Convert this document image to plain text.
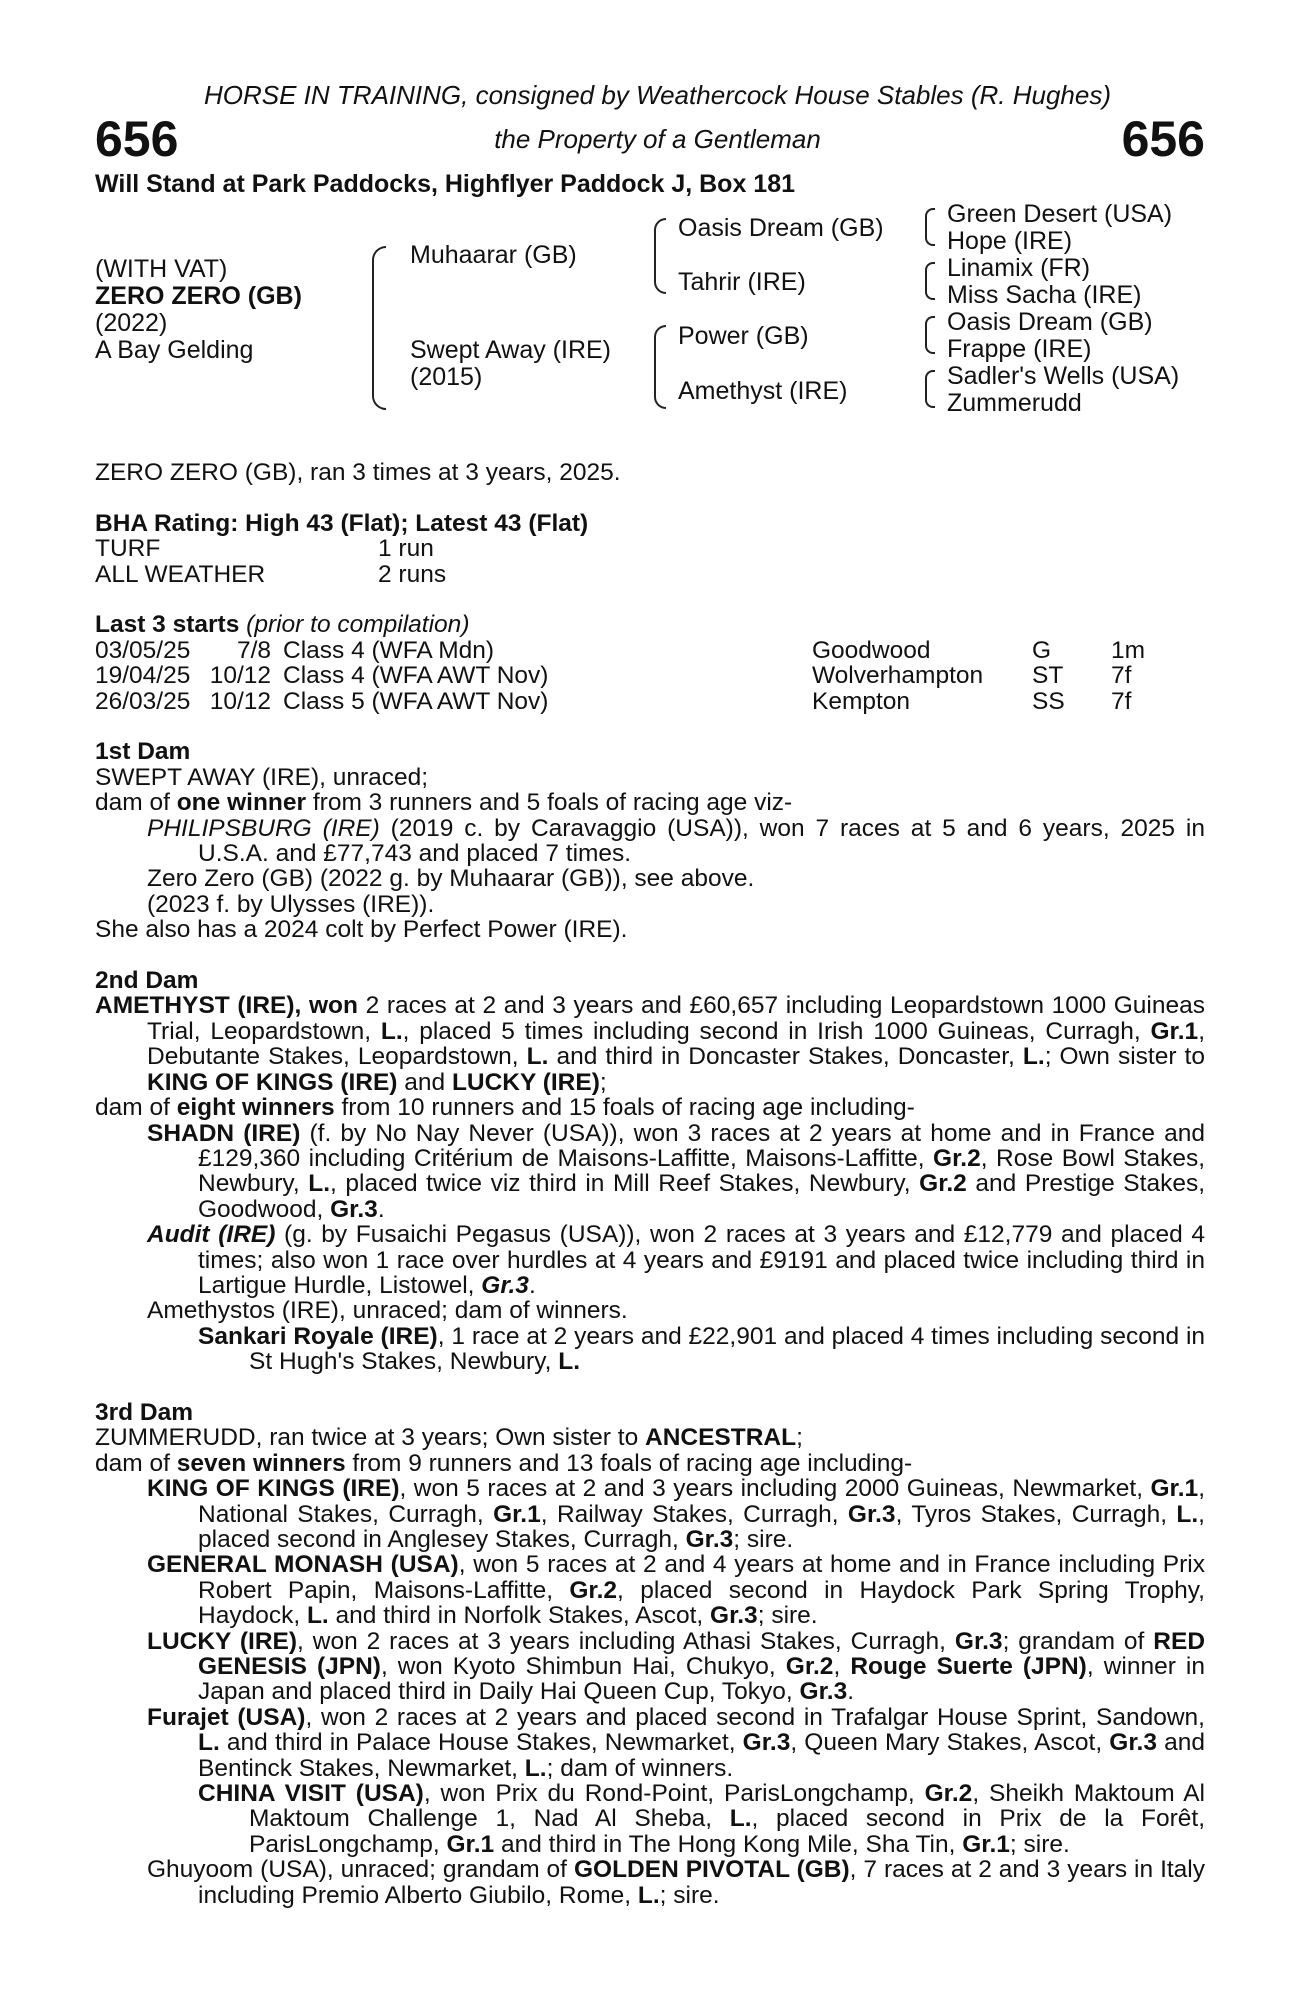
HORSE IN TRAINING, consigned by Weathercock House Stables (R. Hughes)
the Property of a Gentleman
656	656
Will Stand at Park Paddocks, Highflyer Paddock J, Box 181
(WITH VAT)
ZERO ZERO (GB)
(2022)
A Bay Gelding
Muhaarar (GB)
Swept Away (IRE)
(2015)
Oasis Dream (GB)
Tahrir (IRE)
Power (GB)
Amethyst (IRE)
Green Desert (USA)
Hope (IRE)
Linamix (FR)
Miss Sacha (IRE)
Oasis Dream (GB)
Frappe (IRE)
Sadler's Wells (USA)
Zummerudd

ZERO ZERO (GB), ran 3 times at 3 years, 2025.

BHA Rating: High 43 (Flat); Latest 43 (Flat)

TURF	1 run
ALL WEATHER	2 runs

Last 3 starts (prior to compilation)

03/05/25	7/8 Class 4 (WFA Mdn)	Goodwood	G	1m
19/04/25 10/12 Class 4 (WFA AWT Nov)	Wolverhampton	ST	7f
26/03/25 10/12 Class 5 (WFA AWT Nov)	Kempton	SS	7f

1st Dam

SWEPT AWAY (IRE), unraced;

dam of one winner from 3 runners and 5 foals of racing age viz-

PHILIPSBURG (IRE) (2019 c. by Caravaggio (USA)), won 7 races at 5 and 6 years, 2025 in U.S.A. and £77,743 and placed 7 times.

Zero Zero (GB) (2022 g. by Muhaarar (GB)), see above.

(2023 f. by Ulysses (IRE)).

She also has a 2024 colt by Perfect Power (IRE).

2nd Dam

AMETHYST (IRE), won 2 races at 2 and 3 years and £60,657 including Leopardstown 1000 Guineas Trial, Leopardstown, L., placed 5 times including second in Irish 1000 Guineas, Curragh, Gr.1, Debutante Stakes, Leopardstown, L. and third in Doncaster Stakes, Doncaster, L.; Own sister to KING OF KINGS (IRE) and LUCKY (IRE);

dam of eight winners from 10 runners and 15 foals of racing age including-

SHADN (IRE) (f. by No Nay Never (USA)), won 3 races at 2 years at home and in France and £129,360 including Critérium de Maisons-Laffitte, Maisons-Laffitte, Gr.2, Rose Bowl Stakes, Newbury, L., placed twice viz third in Mill Reef Stakes, Newbury, Gr.2 and Prestige Stakes, Goodwood, Gr.3.

Audit (IRE) (g. by Fusaichi Pegasus (USA)), won 2 races at 3 years and £12,779 and placed 4 times; also won 1 race over hurdles at 4 years and £9191 and placed twice including third in Lartigue Hurdle, Listowel, Gr.3.

Amethystos (IRE), unraced; dam of winners.

Sankari Royale (IRE), 1 race at 2 years and £22,901 and placed 4 times including second in St Hugh's Stakes, Newbury, L.

3rd Dam

ZUMMERUDD, ran twice at 3 years; Own sister to ANCESTRAL;

dam of seven winners from 9 runners and 13 foals of racing age including-

KING OF KINGS (IRE), won 5 races at 2 and 3 years including 2000 Guineas, Newmarket, Gr.1, National Stakes, Curragh, Gr.1, Railway Stakes, Curragh, Gr.3, Tyros Stakes, Curragh, L., placed second in Anglesey Stakes, Curragh, Gr.3; sire.

GENERAL MONASH (USA), won 5 races at 2 and 4 years at home and in France including Prix Robert Papin, Maisons-Laffitte, Gr.2, placed second in Haydock Park Spring Trophy, Haydock, L. and third in Norfolk Stakes, Ascot, Gr.3; sire.

LUCKY (IRE), won 2 races at 3 years including Athasi Stakes, Curragh, Gr.3; grandam of RED GENESIS (JPN), won Kyoto Shimbun Hai, Chukyo, Gr.2, Rouge Suerte (JPN), winner in Japan and placed third in Daily Hai Queen Cup, Tokyo, Gr.3.

Furajet (USA), won 2 races at 2 years and placed second in Trafalgar House Sprint, Sandown, L. and third in Palace House Stakes, Newmarket, Gr.3, Queen Mary Stakes, Ascot, Gr.3 and Bentinck Stakes, Newmarket, L.; dam of winners.

CHINA VISIT (USA), won Prix du Rond-Point, ParisLongchamp, Gr.2, Sheikh Maktoum Al Maktoum Challenge 1, Nad Al Sheba, L., placed second in Prix de la Forêt, ParisLongchamp, Gr.1 and third in The Hong Kong Mile, Sha Tin, Gr.1; sire.

Ghuyoom (USA), unraced; grandam of GOLDEN PIVOTAL (GB), 7 races at 2 and 3 years in Italy including Premio Alberto Giubilo, Rome, L.; sire.
